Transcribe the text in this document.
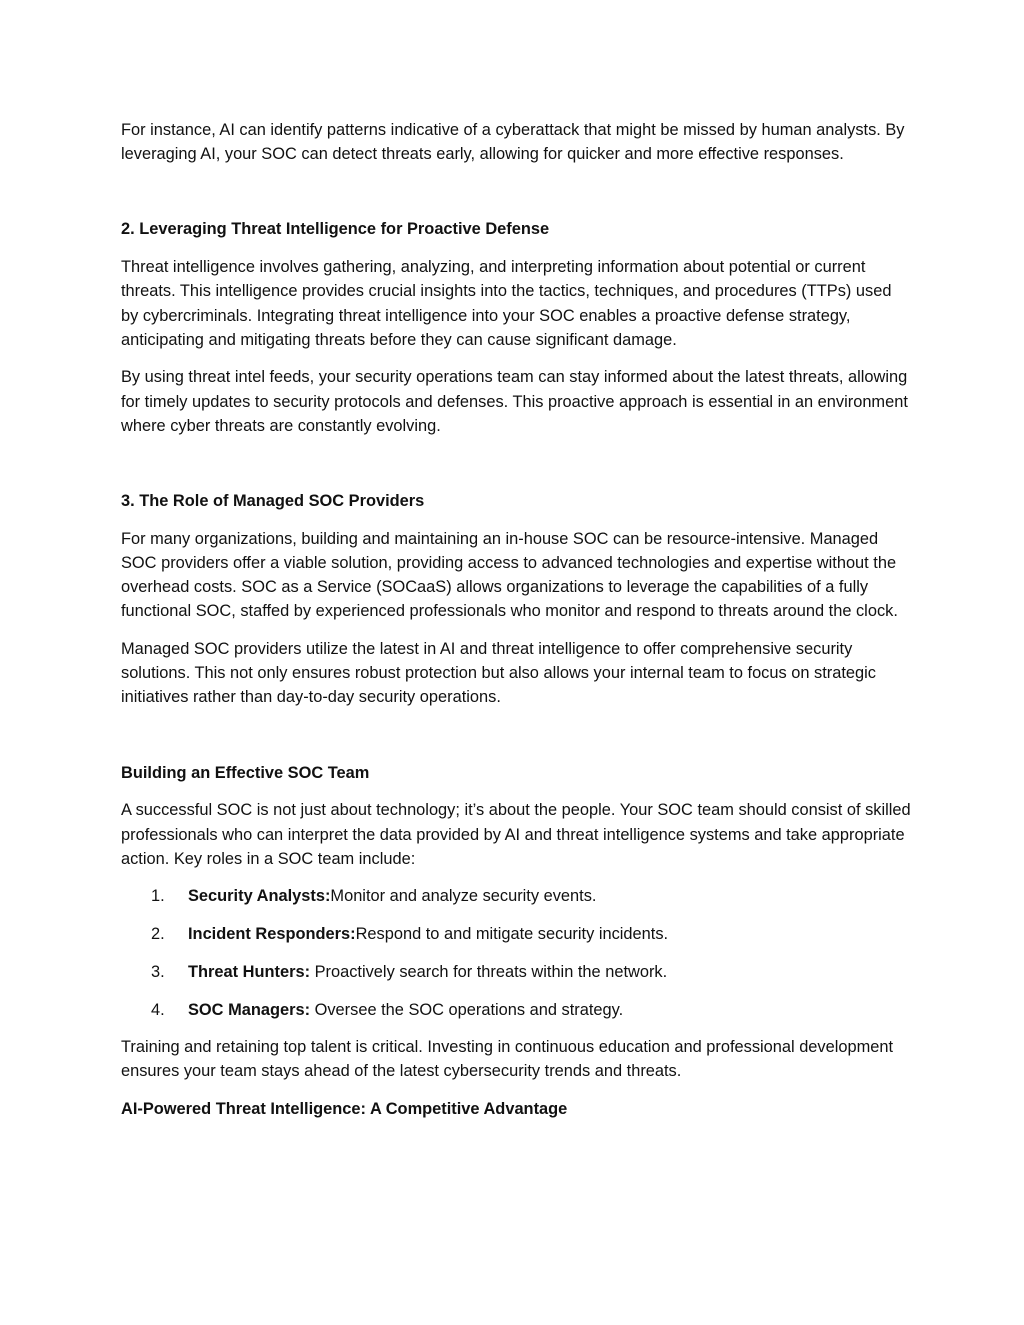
For instance, AI can identify patterns indicative of a cyberattack that might be missed by human analysts. By leveraging AI, your SOC can detect threats early, allowing for quicker and more effective responses.

2. Leveraging Threat Intelligence for Proactive Defense

Threat intelligence involves gathering, analyzing, and interpreting information about potential or current threats. This intelligence provides crucial insights into the tactics, techniques, and procedures (TTPs) used by cybercriminals. Integrating threat intelligence into your SOC enables a proactive defense strategy, anticipating and mitigating threats before they can cause significant damage.

By using threat intel feeds, your security operations team can stay informed about the latest threats, allowing for timely updates to security protocols and defenses. This proactive approach is essential in an environment where cyber threats are constantly evolving.

3. The Role of Managed SOC Providers

For many organizations, building and maintaining an in-house SOC can be resource-intensive. Managed SOC providers offer a viable solution, providing access to advanced technologies and expertise without the overhead costs. SOC as a Service (SOCaaS) allows organizations to leverage the capabilities of a fully functional SOC, staffed by experienced professionals who monitor and respond to threats around the clock.

Managed SOC providers utilize the latest in AI and threat intelligence to offer comprehensive security solutions. This not only ensures robust protection but also allows your internal team to focus on strategic initiatives rather than day-to-day security operations.

Building an Effective SOC Team

A successful SOC is not just about technology; it’s about the people. Your SOC team should consist of skilled professionals who can interpret the data provided by AI and threat intelligence systems and take appropriate action. Key roles in a SOC team include:

1. Security Analysts:Monitor and analyze security events.
2. Incident Responders:Respond to and mitigate security incidents.
3. Threat Hunters: Proactively search for threats within the network.
4. SOC Managers: Oversee the SOC operations and strategy.

Training and retaining top talent is critical. Investing in continuous education and professional development ensures your team stays ahead of the latest cybersecurity trends and threats.

AI-Powered Threat Intelligence: A Competitive Advantage
